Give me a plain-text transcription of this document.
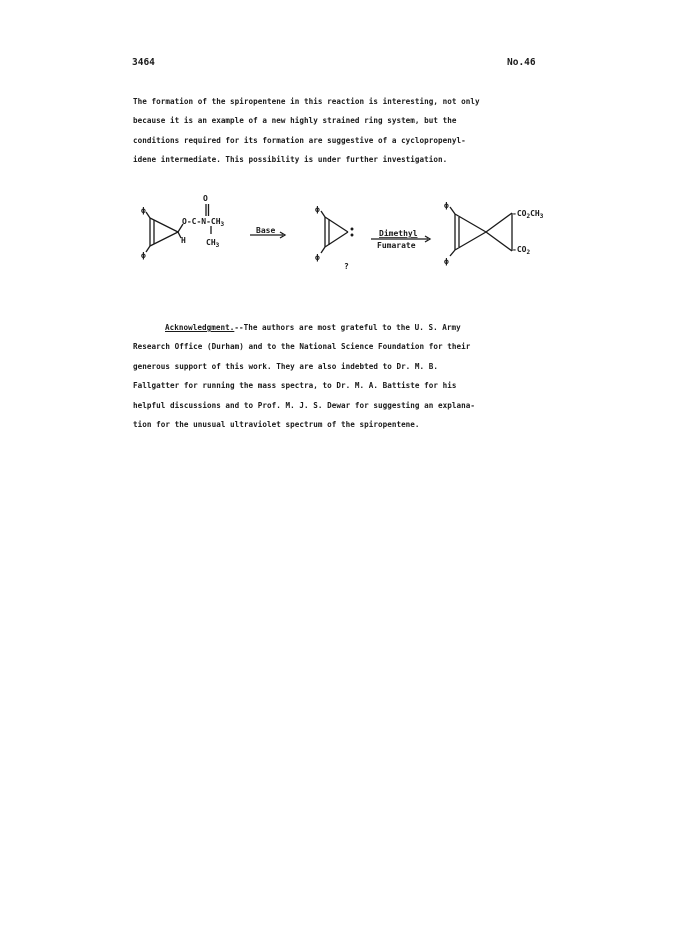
3464	No.46
The formation of the spiropentene in this reaction is interesting, not only
because it is an example of a new highly strained ring system, but the
conditions required for its formation are suggestive of a cyclopropenyl-
idene intermediate. This possibility is under further investigation.
ϕ
ϕ
O
$O-C-N-CH_3$
$CH_3$
H
Base	Dimethyl
Fumarate
ϕ
ϕ
?
ϕ
ϕ
$-CO_2CH_3$
$-CO_2$
Acknowledgment.--The authors are most grateful to the U. S. Army
Research Office (Durham) and to the National Science Foundation for their
generous support of this work. They are also indebted to Dr. M. B.
Fallgatter for running the mass spectra, to Dr. M. A. Battiste for his
helpful discussions and to Prof. M. J. S. Dewar for suggesting an explana-
tion for the unusual ultraviolet spectrum of the spiropentene.
